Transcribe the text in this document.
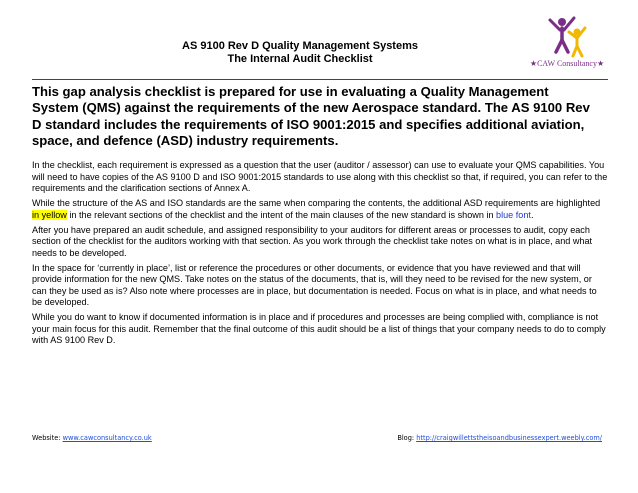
AS 9100 Rev D Quality Management Systems
The Internal Audit Checklist	★CAW Consultancy★
This gap analysis checklist is prepared for use in evaluating a Quality Management System (QMS) against the requirements of the new Aerospace standard. The AS 9100 Rev D standard includes the requirements of ISO 9001:2015 and specifies additional aviation, space, and defence (ASD) industry requirements.

In the checklist, each requirement is expressed as a question that the user (auditor / assessor) can use to evaluate your QMS capabilities. You will need to have copies of the AS 9100 D and ISO 9001:2015 standards to use along with this checklist so that, if required, you can refer to the requirements and the clarification sections of Annex A.

While the structure of the AS and ISO standards are the same when comparing the contents, the additional ASD requirements are highlighted in yellow in the relevant sections of the checklist and the intent of the main clauses of the new standard is shown in blue font.

After you have prepared an audit schedule, and assigned responsibility to your auditors for different areas or processes to audit, copy each section of the checklist for the auditors working with that section. As you work through the checklist take notes on what is in place, and what needs to be developed.

In the space for ‘currently in place’, list or reference the procedures or other documents, or evidence that you have reviewed and that will provide information for the new QMS. Take notes on the status of the documents, that is, will they need to be revised for the new system, or can they be used as is? Also note where processes are in place, but documentation is needed. Focus on what is in place, and what needs to be developed.

While you do want to know if documented information is in place and if procedures and processes are being complied with, compliance is not your main focus for this audit. Remember that the final outcome of this audit should be a list of things that your company needs to do to comply with AS 9100 Rev D.

Website: www.cawconsultancy.co.uk	Blog: http://craigwillettstheisoandbusinessexpert.weebly.com/
